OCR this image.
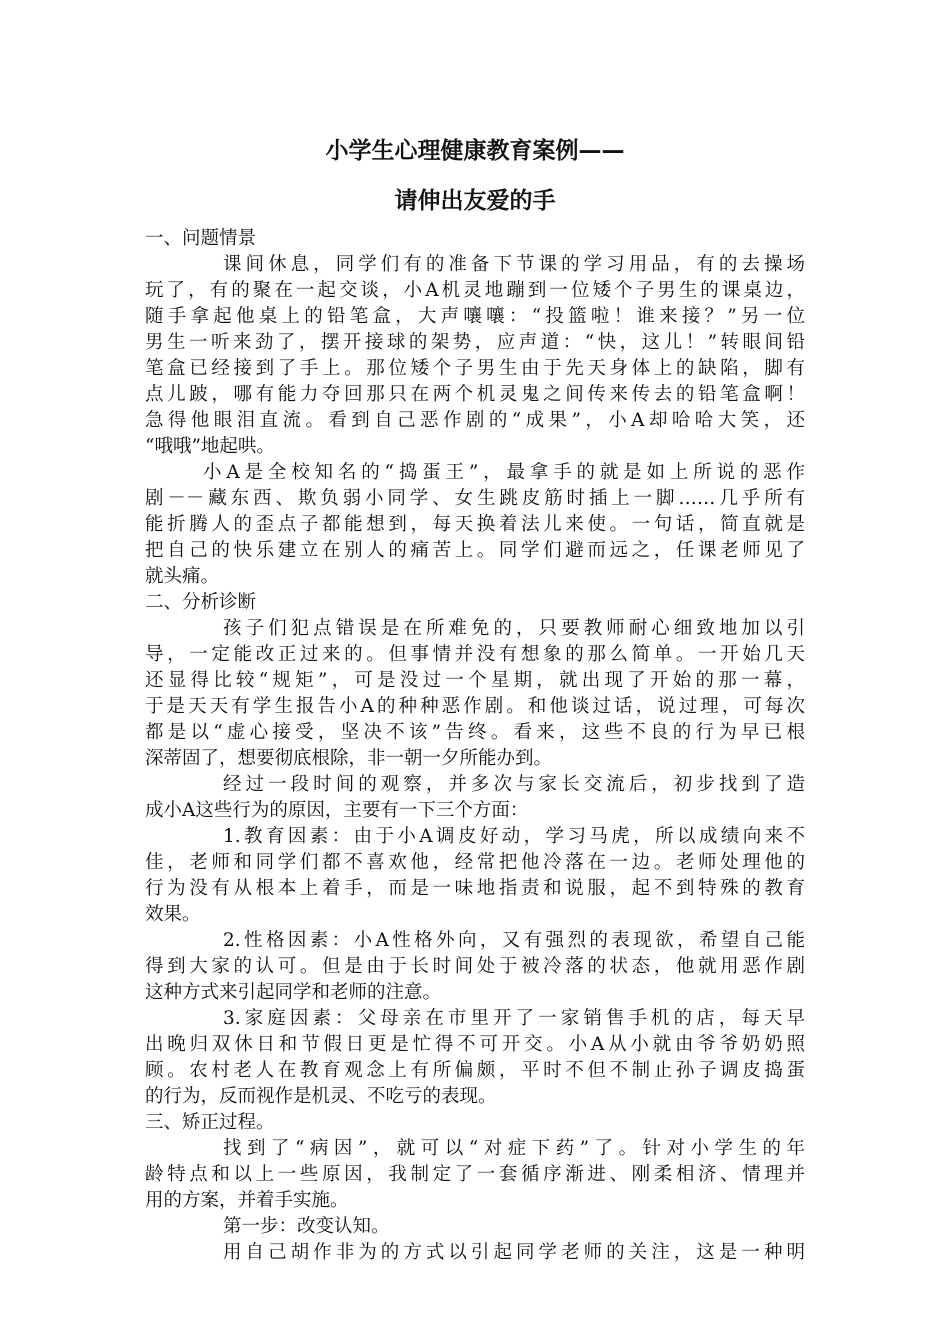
小学生心理健康教育案例——
请伸出友爱的手

一、问题情景

课间休息，同学们有的准备下节课的学习用品，有的去操场

玩了，有的聚在一起交谈，小A机灵地蹦到一位矮个子男生的课桌边，

随手拿起他桌上的铅笔盒，大声嚷嚷：“投篮啦！谁来接？”另一位

男生一听来劲了，摆开接球的架势，应声道：“快，这儿！”转眼间铅

笔盒已经接到了手上。那位矮个子男生由于先天身体上的缺陷，脚有

点儿跛，哪有能力夺回那只在两个机灵鬼之间传来传去的铅笔盒啊！

急得他眼泪直流。看到自己恶作剧的“成果”，小A却哈哈大笑，还

“哦哦”地起哄。

小A是全校知名的“捣蛋王”，最拿手的就是如上所说的恶作

剧－－藏东西、欺负弱小同学、女生跳皮筋时插上一脚……几乎所有

能折腾人的歪点子都能想到，每天换着法儿来使。一句话，简直就是

把自己的快乐建立在别人的痛苦上。同学们避而远之，任课老师见了

就头痛。

二、分析诊断

孩子们犯点错误是在所难免的，只要教师耐心细致地加以引

导，一定能改正过来的。但事情并没有想象的那么简单。一开始几天

还显得比较“规矩”，可是没过一个星期，就出现了开始的那一幕，

于是天天有学生报告小A的种种恶作剧。和他谈过话，说过理，可每次

都是以“虚心接受，坚决不该”告终。看来，这些不良的行为早已根

深蒂固了，想要彻底根除，非一朝一夕所能办到。

经过一段时间的观察，并多次与家长交流后，初步找到了造

成小A这些行为的原因，主要有一下三个方面：

1.教育因素：由于小A调皮好动，学习马虎，所以成绩向来不

佳，老师和同学们都不喜欢他，经常把他冷落在一边。老师处理他的

行为没有从根本上着手，而是一味地指责和说服，起不到特殊的教育

效果。

2.性格因素：小A性格外向，又有强烈的表现欲，希望自己能

得到大家的认可。但是由于长时间处于被冷落的状态，他就用恶作剧

这种方式来引起同学和老师的注意。

3.家庭因素：父母亲在市里开了一家销售手机的店，每天早

出晚归双休日和节假日更是忙得不可开交。小A从小就由爷爷奶奶照

顾。农村老人在教育观念上有所偏颇，平时不但不制止孙子调皮捣蛋

的行为，反而视作是机灵、不吃亏的表现。

三、矫正过程。

找到了“病因”，就可以“对症下药”了。针对小学生的年

龄特点和以上一些原因，我制定了一套循序渐进、刚柔相济、情理并

用的方案，并着手实施。

第一步：改变认知。

用自己胡作非为的方式以引起同学老师的关注，这是一种明
